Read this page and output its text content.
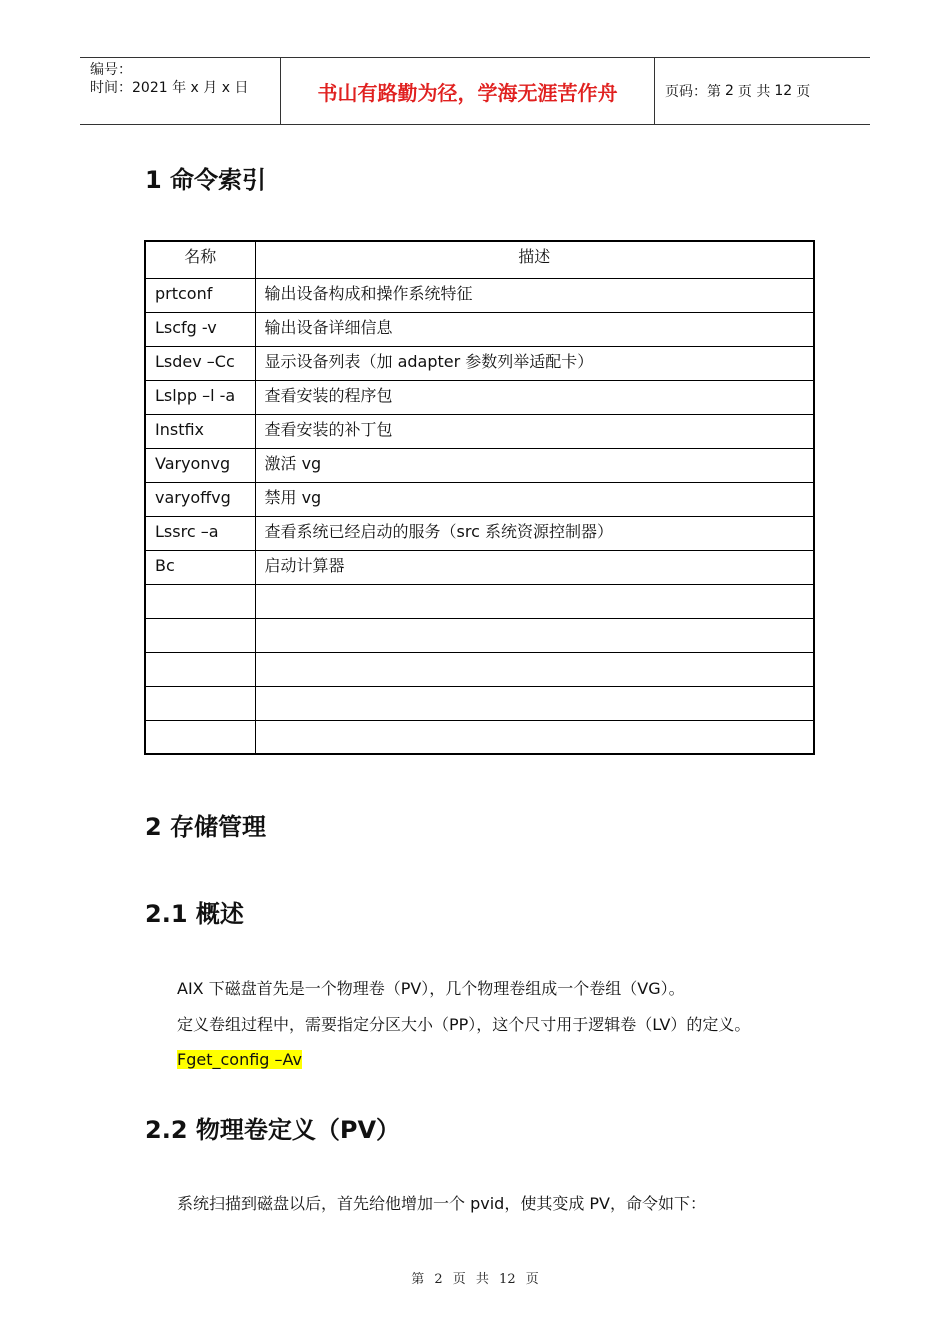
编号：
时间：2021 年 x 月 x 日	书山有路勤为径，学海无涯苦作舟	页码：第 2 页 共 12 页
1 命令索引
名称	描述
prtconf	输出设备构成和操作系统特征
Lscfg -v	输出设备详细信息
Lsdev –Cc	显示设备列表（加 adapter 参数列举适配卡）
Lslpp –l -a	查看安装的程序包
Instfix	查看安装的补丁包
Varyonvg	激活 vg
varyoffvg	禁用 vg
Lssrc –a	查看系统已经启动的服务（src 系统资源控制器）
Bc	启动计算器

2 存储管理
2.1 概述
AIX 下磁盘首先是一个物理卷（PV），几个物理卷组成一个卷组（VG）。
定义卷组过程中，需要指定分区大小（PP），这个尺寸用于逻辑卷（LV）的定义。
Fget_config –Av
2.2 物理卷定义（PV）
系统扫描到磁盘以后，首先给他增加一个 pvid，使其变成 PV，命令如下：
第 2 页 共 12 页
